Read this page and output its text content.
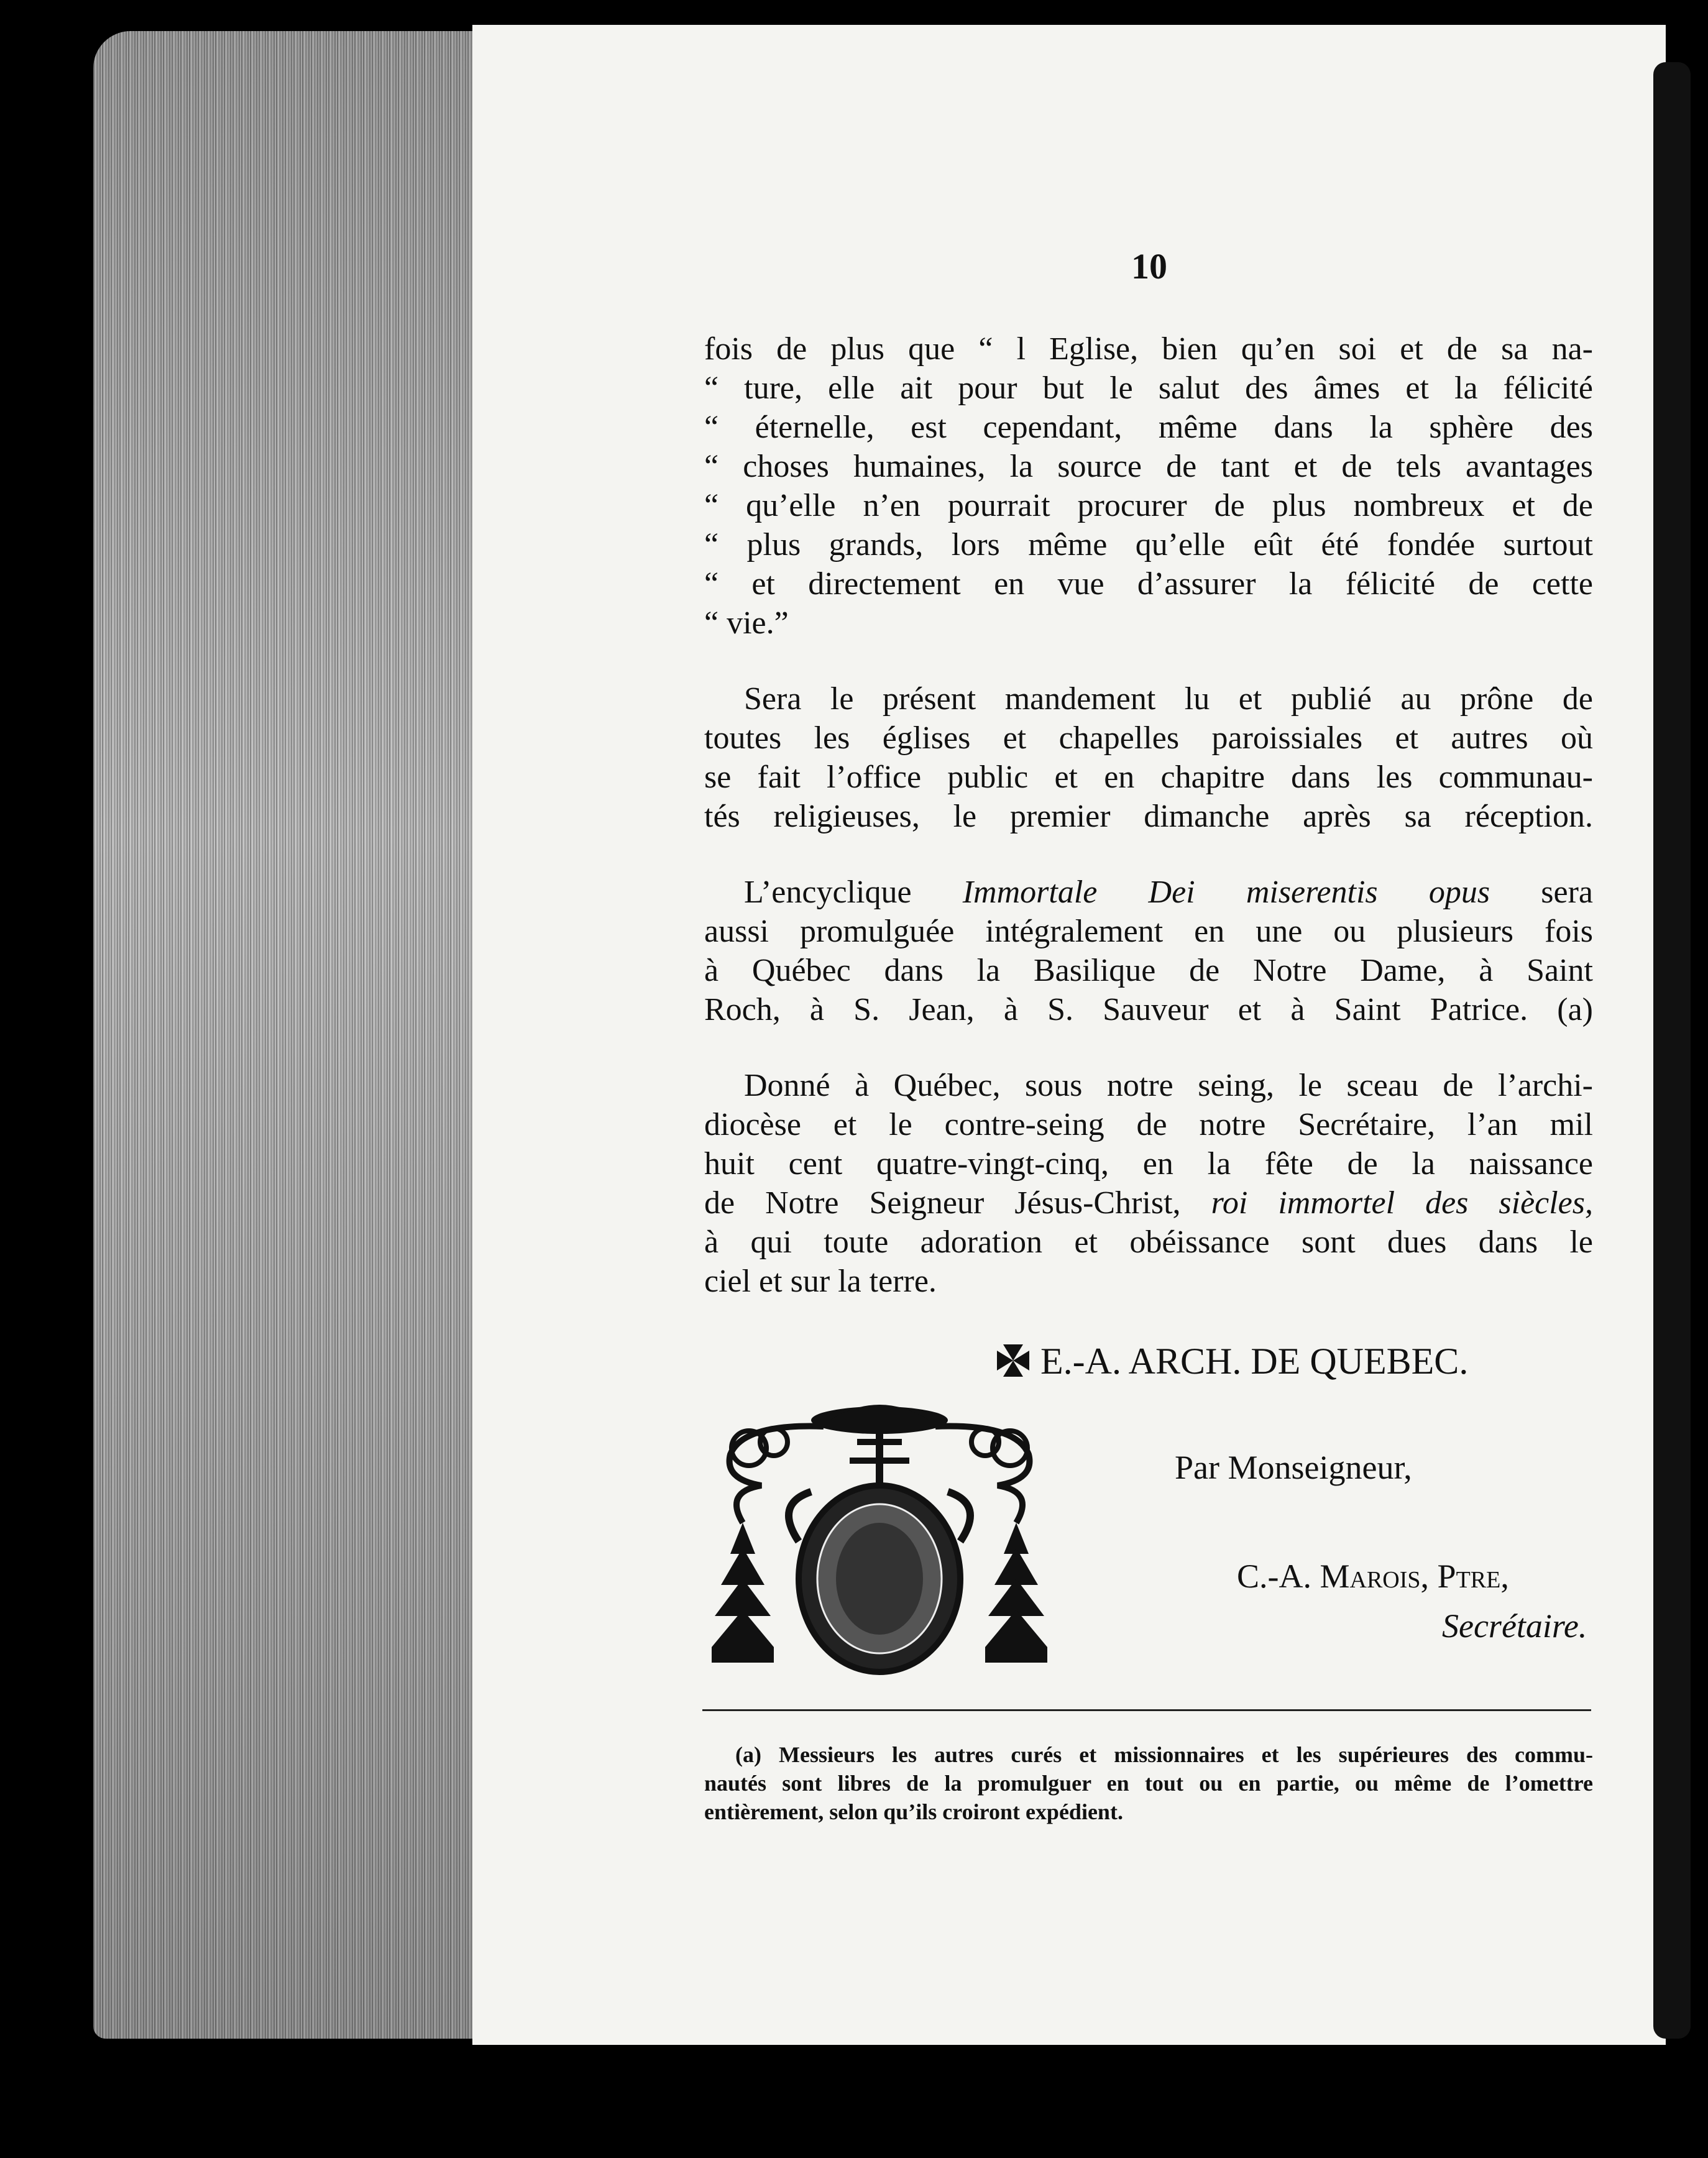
10
fois de plus que “ l Eglise, bien qu’en soi et de sa na-
“ ture, elle ait pour but le salut des âmes et la félicité
“ éternelle, est cependant, même dans la sphère des
“ choses humaines, la source de tant et de tels avantages
“ qu’elle n’en pourrait procurer de plus nombreux et de
“ plus grands, lors même qu’elle eût été fondée surtout
“ et directement en vue d’assurer la félicité de cette
“ vie.”
Sera le présent mandement lu et publié au prône de
toutes les églises et chapelles paroissiales et autres où
se fait l’office public et en chapitre dans les communau-
tés religieuses, le premier dimanche après sa réception.
L’encyclique Immortale Dei miserentis opus sera
aussi promulguée intégralement en une ou plusieurs fois
à Québec dans la Basilique de Notre Dame, à Saint
Roch, à S. Jean, à S. Sauveur et à Saint Patrice. (a)
Donné à Québec, sous notre seing, le sceau de l’archi-
diocèse et le contre-seing de notre Secrétaire, l’an mil
huit cent quatre-vingt-cinq, en la fête de la naissance
de Notre Seigneur Jésus-Christ, roi immortel des siècles,
à qui toute adoration et obéissance sont dues dans le
ciel et sur la terre.
E.-A. ARCH. DE QUEBEC.
Par Monseigneur,
C.-A. Marois, Ptre,
Secrétaire.
(a) Messieurs les autres curés et missionnaires et les supérieures des commu-
nautés sont libres de la promulguer en tout ou en partie, ou même de l’omettre
entièrement, selon qu’ils croiront expédient.
